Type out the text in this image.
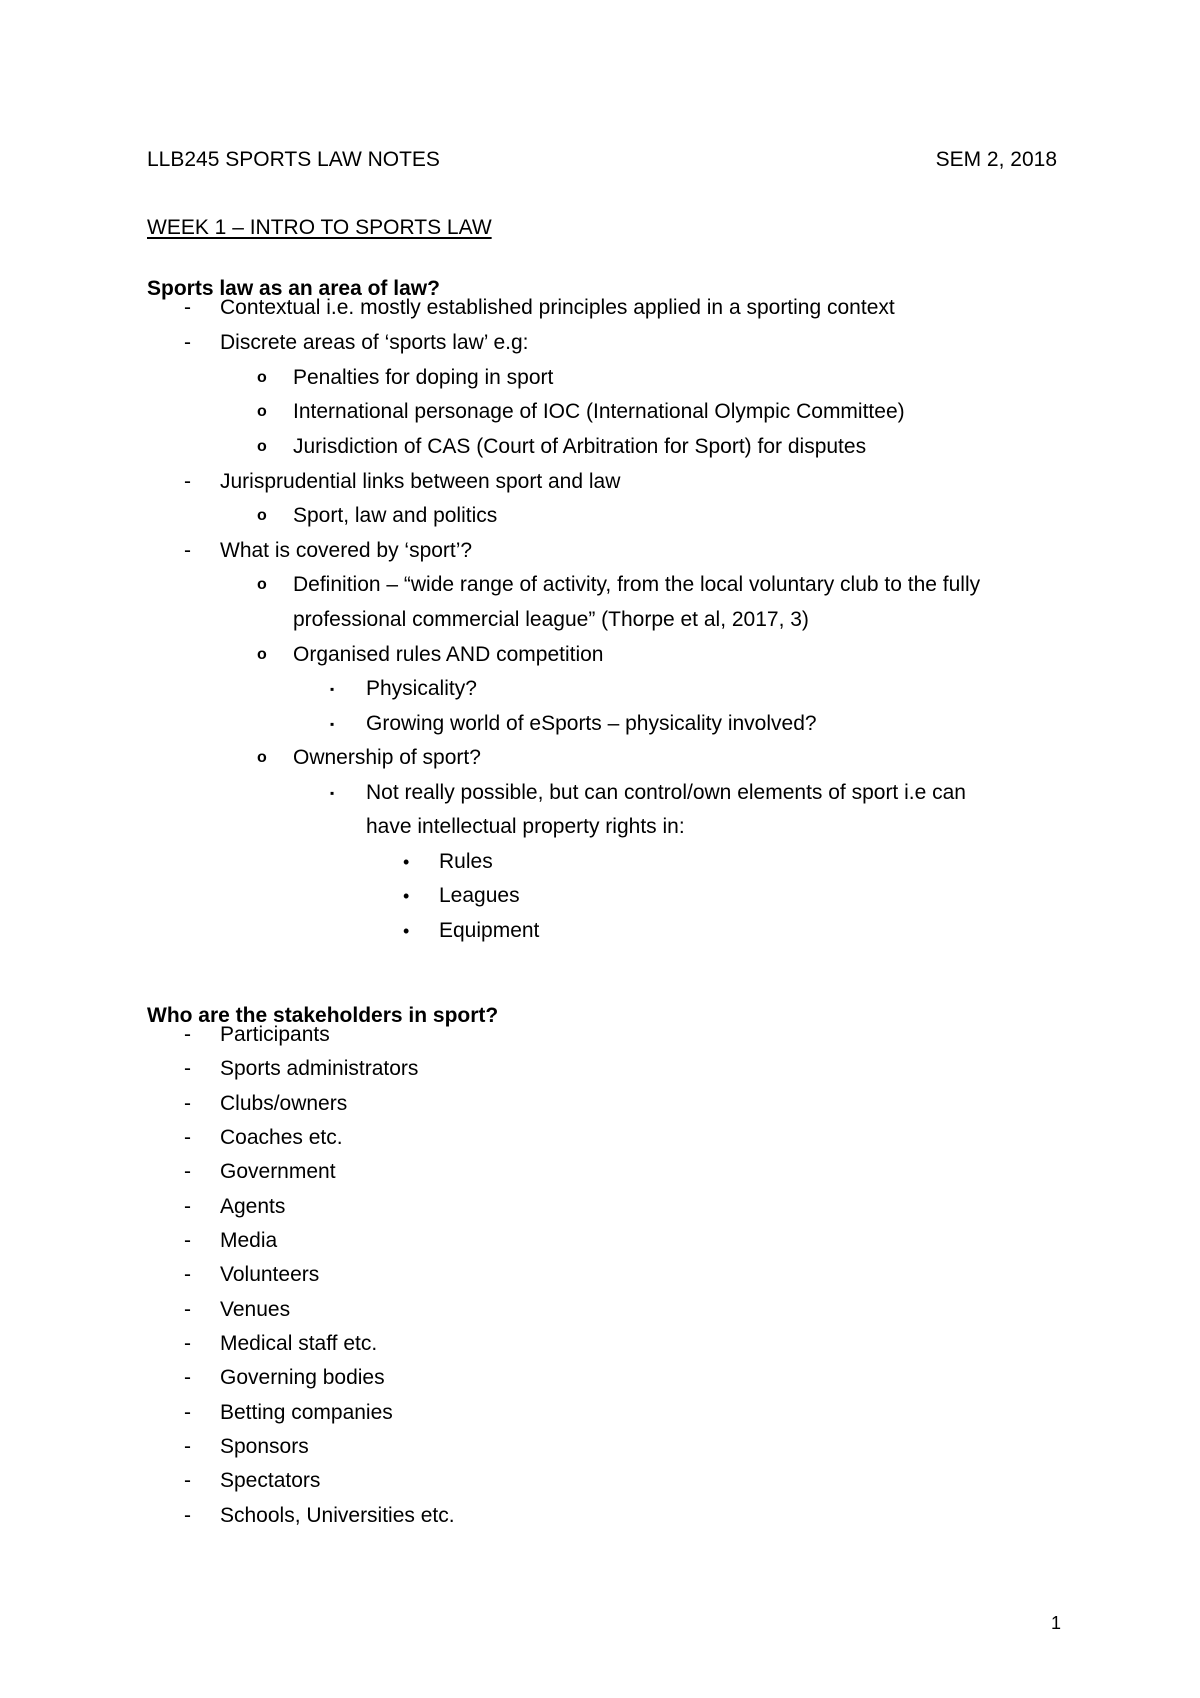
LLB245 SPORTS LAW NOTES	SEM 2, 2018
WEEK 1 – INTRO TO SPORTS LAW
Sports law as an area of law?
- Contextual i.e. mostly established principles applied in a sporting context
- Discrete areas of ‘sports law’ e.g:
o Penalties for doping in sport
o International personage of IOC (International Olympic Committee)
o Jurisdiction of CAS (Court of Arbitration for Sport) for disputes
- Jurisprudential links between sport and law
o Sport, law and politics
- What is covered by ‘sport’?
o Definition – “wide range of activity, from the local voluntary club to the fully
professional commercial league” (Thorpe et al, 2017, 3)
o Organised rules AND competition
▪ Physicality?
▪ Growing world of eSports – physicality involved?
o Ownership of sport?
▪ Not really possible, but can control/own elements of sport i.e can
have intellectual property rights in:
• Rules
• Leagues
• Equipment
Who are the stakeholders in sport?
- Participants
- Sports administrators
- Clubs/owners
- Coaches etc.
- Government
- Agents
- Media
- Volunteers
- Venues
- Medical staff etc.
- Governing bodies
- Betting companies
- Sponsors
- Spectators
- Schools, Universities etc.
1
